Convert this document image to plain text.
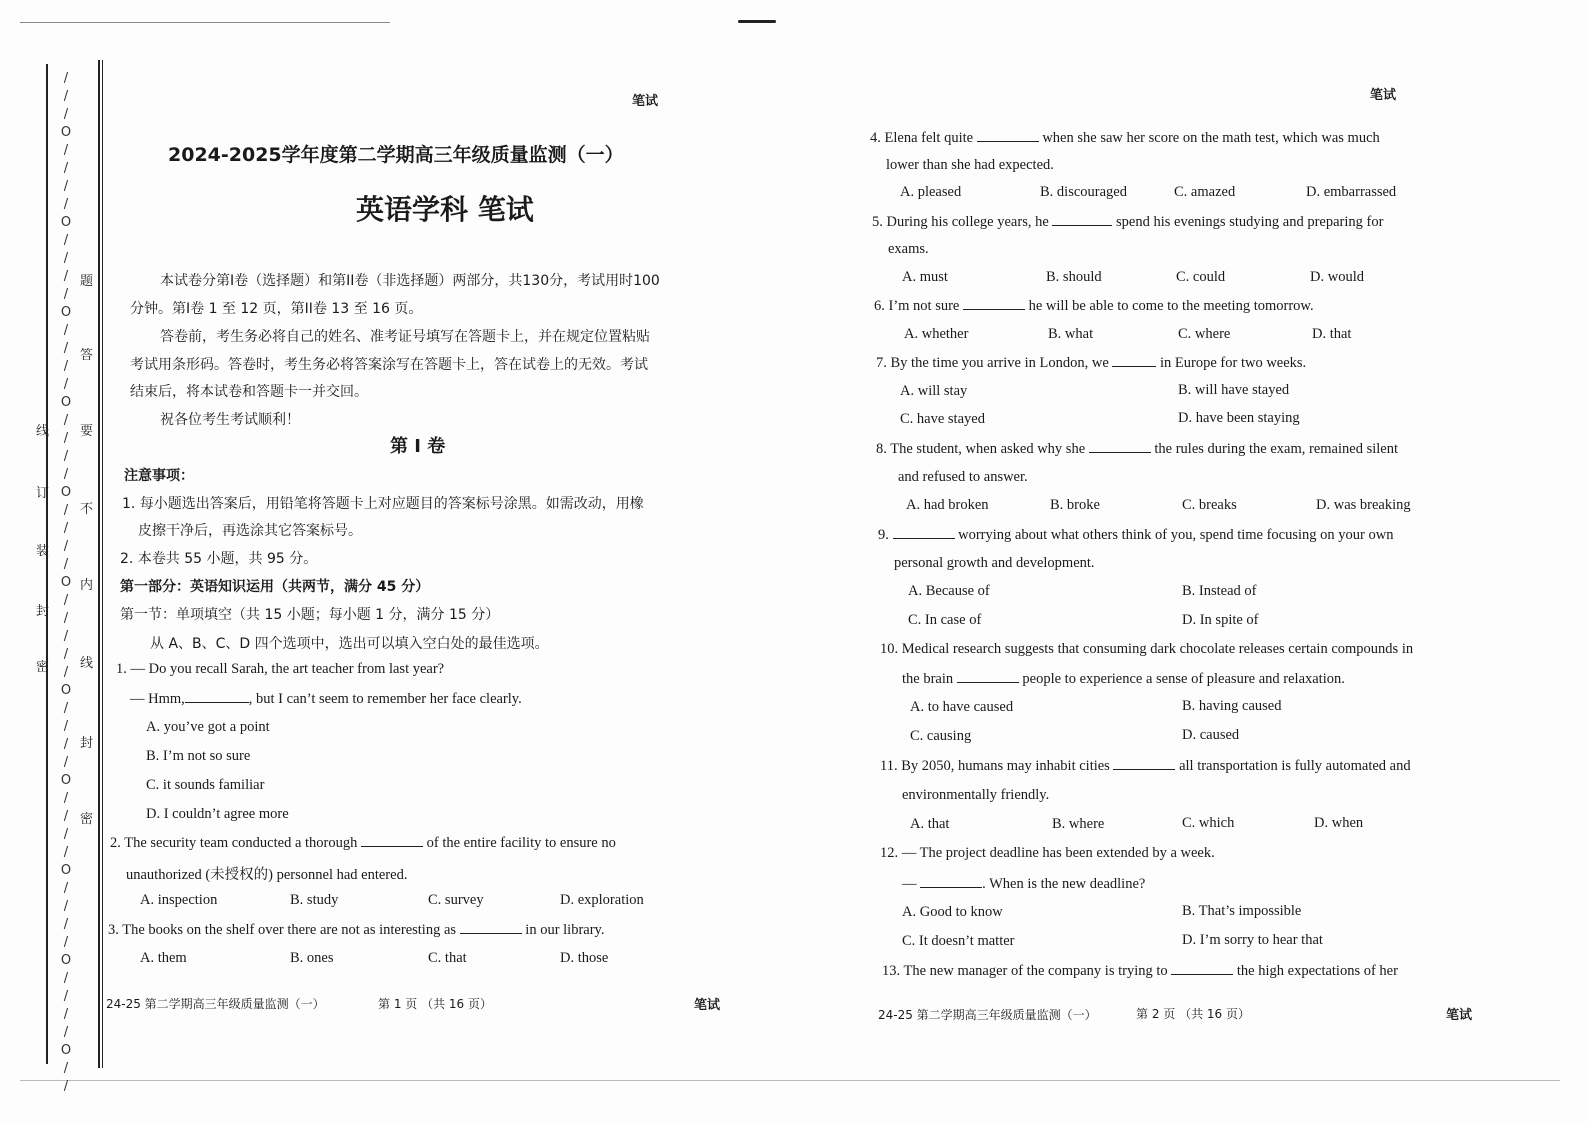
/
/
/
O
/
/
/
/
O
/
/
/
/
O
/
/
/
/
O
/
/
/
/
O
/
/
/
/
O
/
/
/
/
/
O
/
/
/
/
O
/
/
/
/
O
/
/
/
/
O
/
/
/
/
O
/
/
线
订
装
封
密
题
答
要
不
内
线
封
密
笔试
2024-2025学年度第二学期高三年级质量监测（一）
英语学科 笔试
本试卷分第I卷（选择题）和第II卷（非选择题）两部分，共130分，考试用时100
分钟。第I卷 1 至 12 页，第II卷 13 至 16 页。
答卷前，考生务必将自己的姓名、准考证号填写在答题卡上，并在规定位置粘贴
考试用条形码。答卷时，考生务必将答案涂写在答题卡上，答在试卷上的无效。考试
结束后，将本试卷和答题卡一并交回。
祝各位考生考试顺利！
第 I 卷
注意事项：
1. 每小题选出答案后，用铅笔将答题卡上对应题目的答案标号涂黑。如需改动，用橡
皮擦干净后，再选涂其它答案标号。
2. 本卷共 55 小题，共 95 分。
第一部分：英语知识运用（共两节，满分 45 分）
第一节：单项填空（共 15 小题；每小题 1 分，满分 15 分）
从 A、B、C、D 四个选项中，选出可以填入空白处的最佳选项。
1. — Do you recall Sarah, the art teacher from last year?
— Hmm,	, but I can’t seem to remember her face clearly.
A. you’ve got a point
B. I’m not so sure
C. it sounds familiar
D. I couldn’t agree more
2. The security team conducted a thorough	of the entire facility to ensure no
unauthorized (未授权的) personnel had entered.
A. inspection	B. study	C. survey	D. exploration
3. The books on the shelf over there are not as interesting as	in our library.
A. them	B. ones	C. that	D. those
24-25 第二学期高三年级质量监测（一）	第 1 页 （共 16 页）	笔试
笔试
4. Elena felt quite	when she saw her score on the math test, which was much
lower than she had expected.
A. pleased	B. discouraged	C. amazed	D. embarrassed
5. During his college years, he	spend his evenings studying and preparing for
exams.
A. must	B. should	C. could	D. would
6. I’m not sure	he will be able to come to the meeting tomorrow.
A. whether	B. what	C. where	D. that
7. By the time you arrive in London, we	in Europe for two weeks.
A. will stay	B. will have stayed
C. have stayed	D. have been staying
8. The student, when asked why she	the rules during the exam, remained silent
and refused to answer.
A. had broken	B. broke	C. breaks	D. was breaking
9.	worrying about what others think of you, spend time focusing on your own
personal growth and development.
A. Because of	B. Instead of
C. In case of	D. In spite of
10. Medical research suggests that consuming dark chocolate releases certain compounds in
the brain	people to experience a sense of pleasure and relaxation.
A. to have caused	B. having caused
C. causing	D. caused
11. By 2050, humans may inhabit cities	all transportation is fully automated and
environmentally friendly.
A. that	B. where	C. which	D. when
12. — The project deadline has been extended by a week.
—	. When is the new deadline?
A. Good to know	B. That’s impossible
C. It doesn’t matter	D. I’m sorry to hear that
13. The new manager of the company is trying to	the high expectations of her
24-25 第二学期高三年级质量监测（一）	第 2 页 （共 16 页）	笔试
